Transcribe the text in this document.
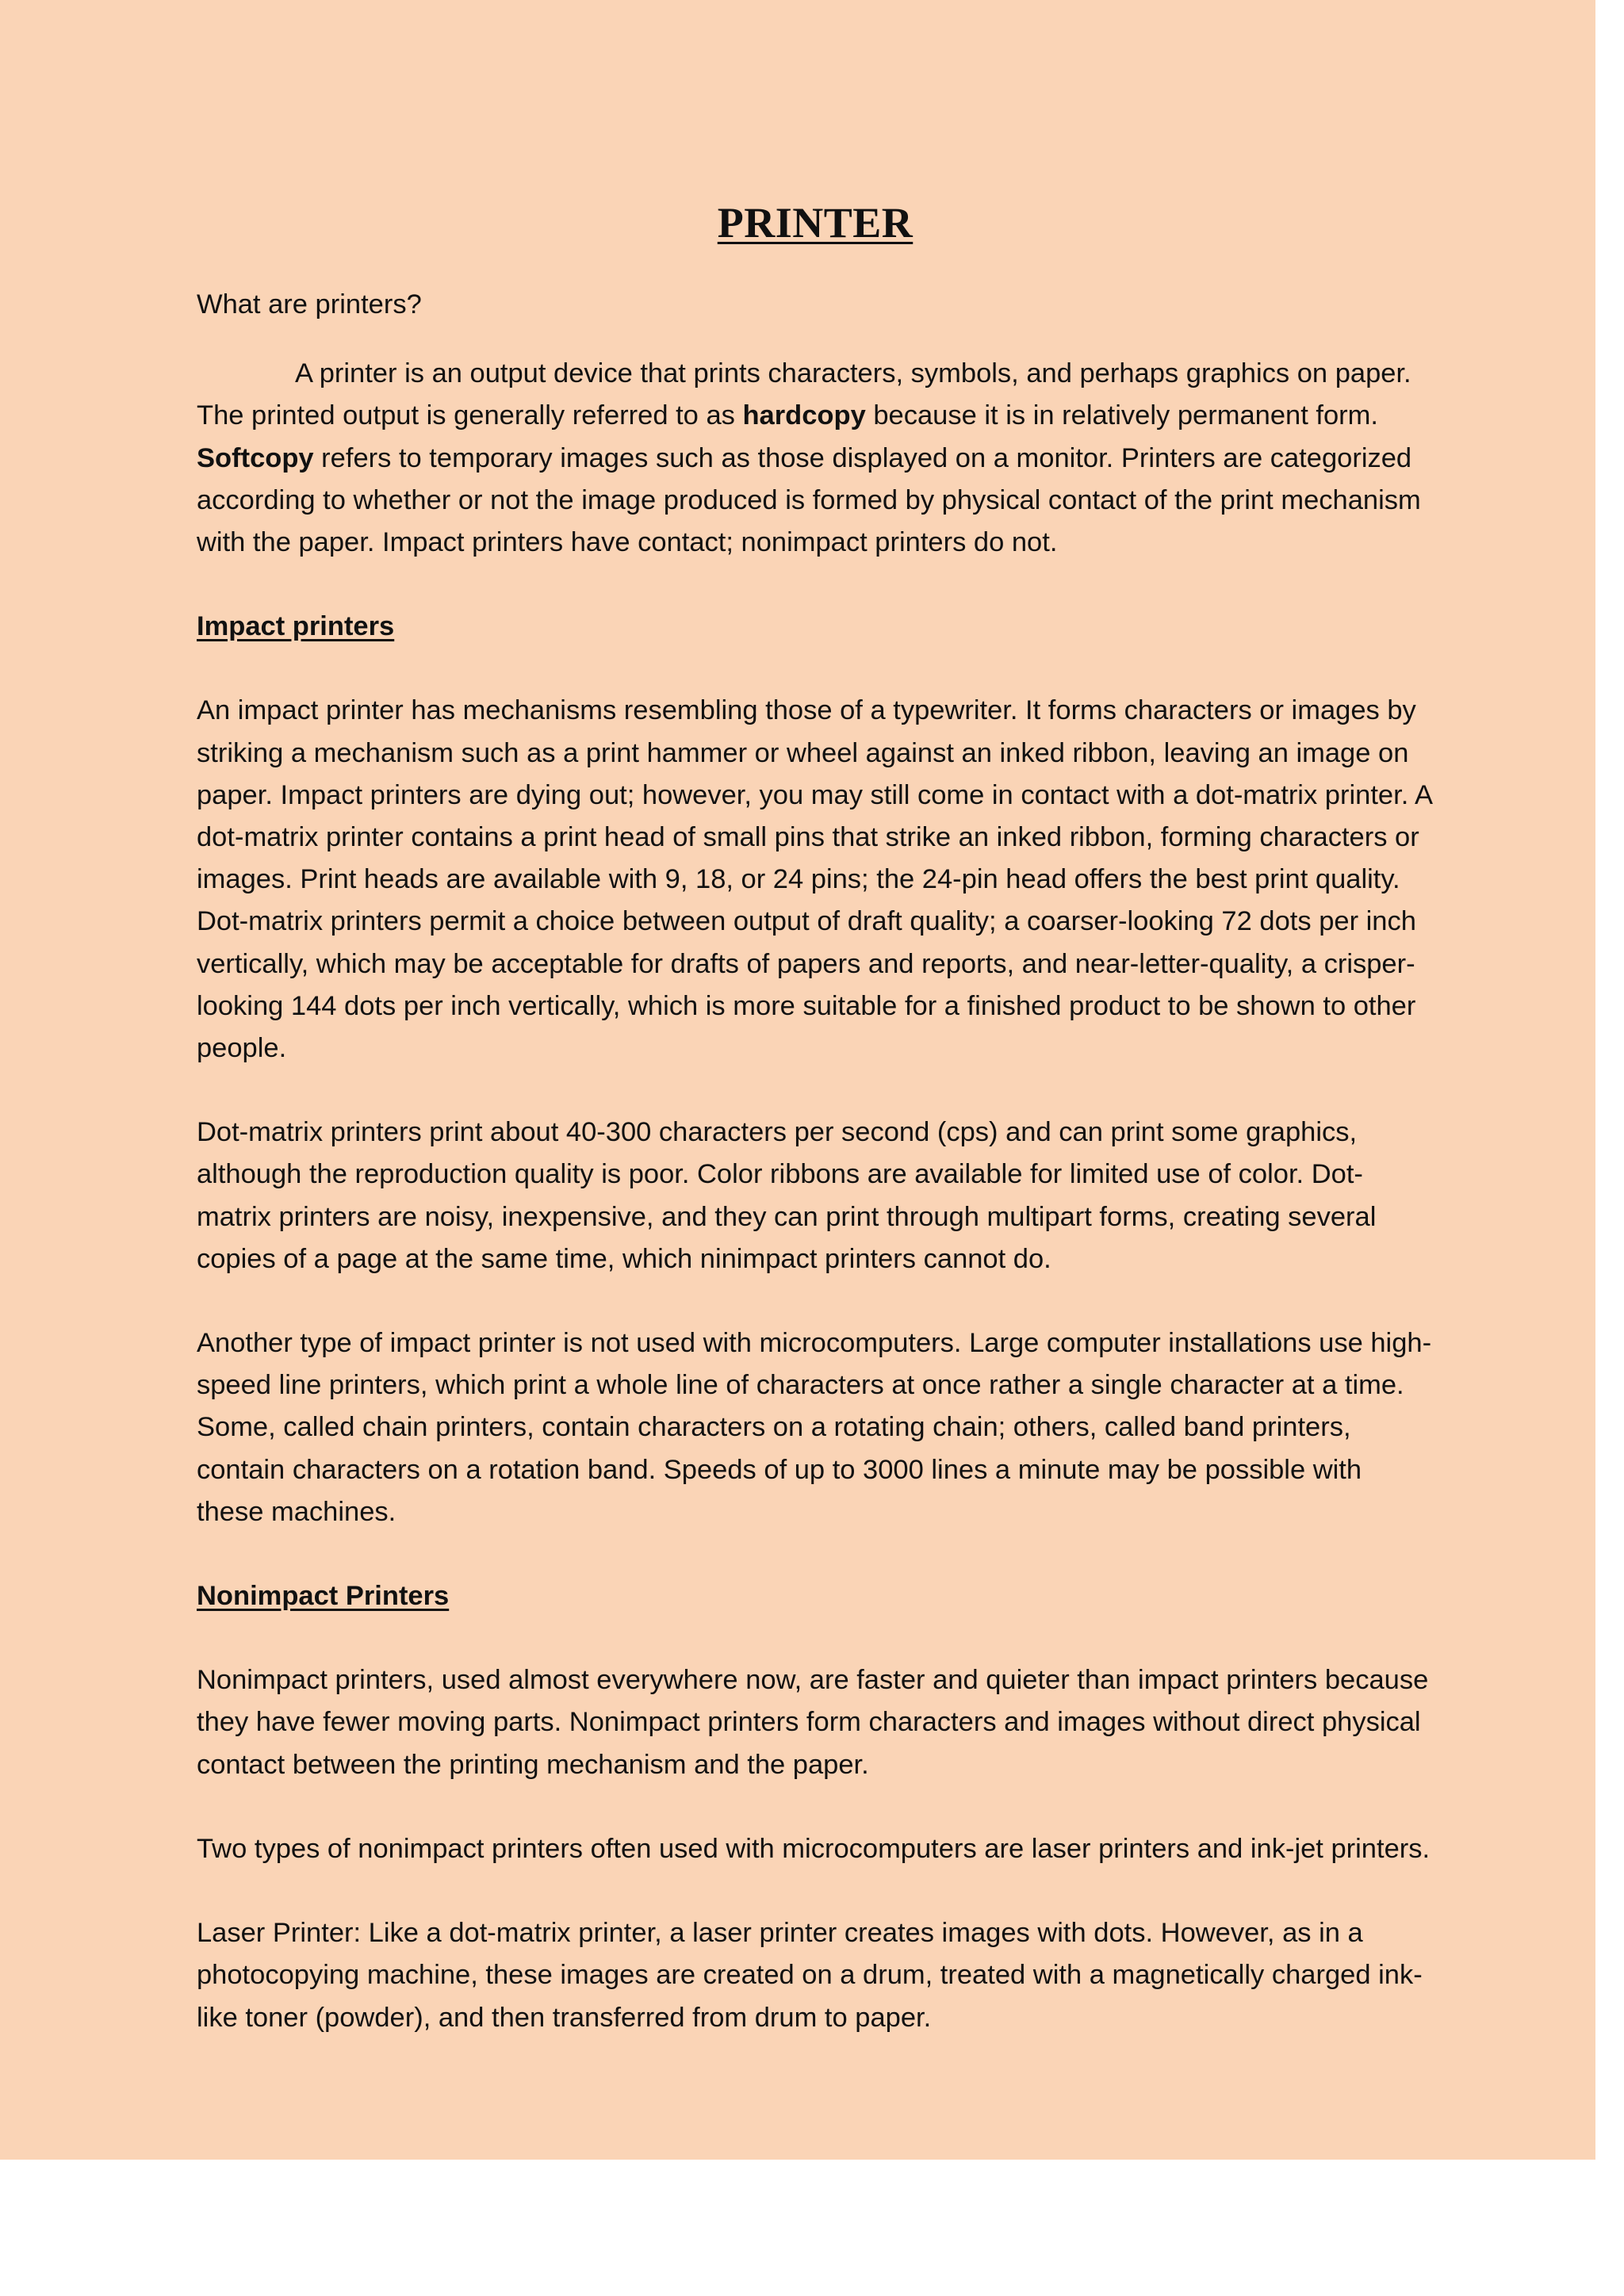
PRINTER

What are printers?

A printer is an output device that prints characters, symbols, and perhaps graphics on paper. The printed output is generally referred to as hardcopy because it is in relatively permanent form. Softcopy refers to temporary images such as those displayed on a monitor. Printers are categorized according to whether or not the image produced is formed by physical contact of the print mechanism with the paper. Impact printers have contact; nonimpact printers do not.

Impact printers

An impact printer has mechanisms resembling those of a typewriter. It forms characters or images by striking a mechanism such as a print hammer or wheel against an inked ribbon, leaving an image on paper. Impact printers are dying out; however, you may still come in contact with a dot-matrix printer. A dot-matrix printer contains a print head of small pins that strike an inked ribbon, forming characters or images. Print heads are available with 9, 18, or 24 pins; the 24-pin head offers the best print quality. Dot-matrix printers permit a choice between output of draft quality; a coarser-looking 72 dots per inch vertically, which may be acceptable for drafts of papers and reports, and near-letter-quality, a crisper-looking 144 dots per inch vertically, which is more suitable for a finished product to be shown to other people.

Dot-matrix printers print about 40-300 characters per second (cps) and can print some graphics, although the reproduction quality is poor. Color ribbons are available for limited use of color. Dot-matrix printers are noisy, inexpensive, and they can print through multipart forms, creating several copies of a page at the same time, which ninimpact printers cannot do.

Another type of impact printer is not used with microcomputers. Large computer installations use high-speed line printers, which print a whole line of characters at once rather a single character at a time. Some, called chain printers, contain characters on a rotating chain; others, called band printers, contain characters on a rotation band. Speeds of up to 3000 lines a minute may be possible with these machines.

Nonimpact Printers

Nonimpact printers, used almost everywhere now, are faster and quieter than impact printers because they have fewer moving parts. Nonimpact printers form characters and images without direct physical contact between the printing mechanism and the paper.

Two types of nonimpact printers often used with microcomputers are laser printers and ink-jet printers.

Laser Printer: Like a dot-matrix printer, a laser printer creates images with dots. However, as in a photocopying machine, these images are created on a drum, treated with a magnetically charged ink-like toner (powder), and then transferred from drum to paper.
